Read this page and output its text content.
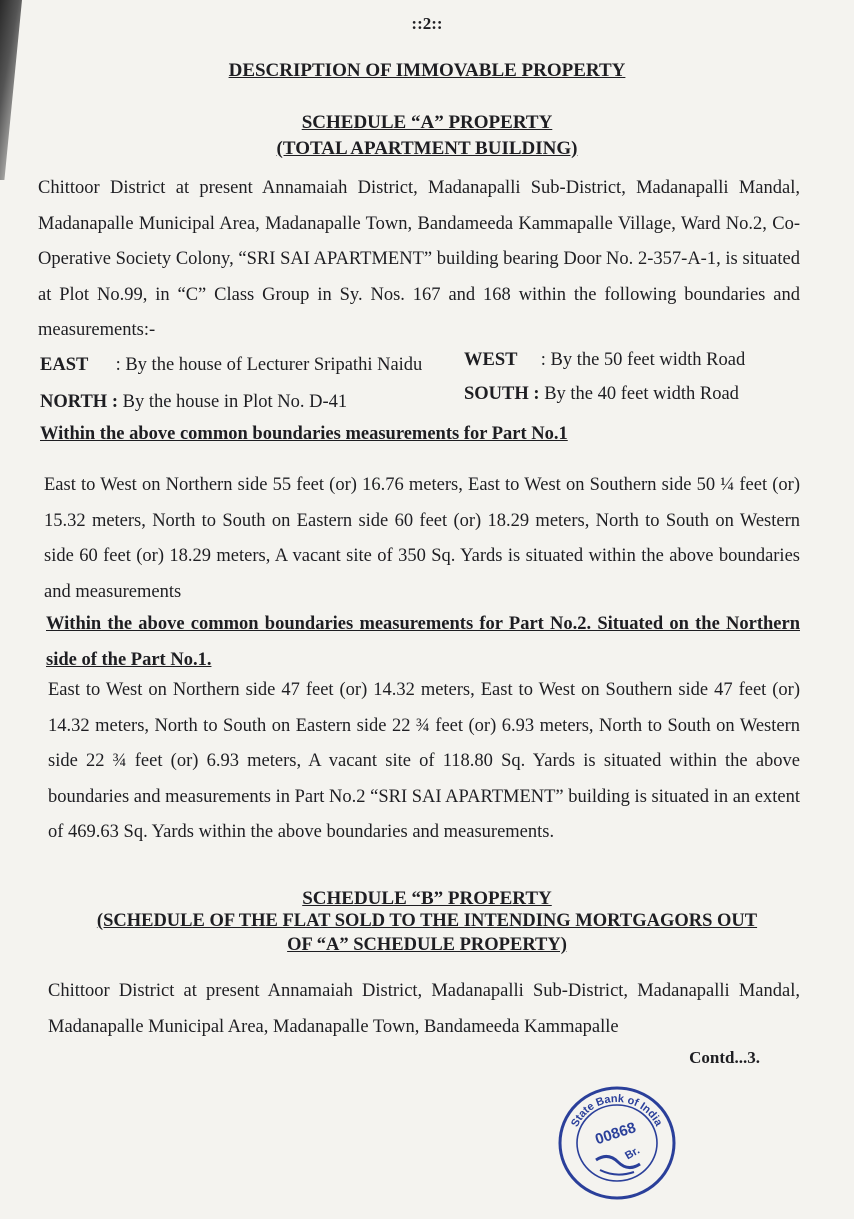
::2::
DESCRIPTION OF IMMOVABLE PROPERTY
SCHEDULE “A” PROPERTY
(TOTAL APARTMENT BUILDING)
Chittoor District at present Annamaiah District, Madanapalli Sub-District, Madanapalli Mandal, Madanapalle Municipal Area, Madanapalle Town, Bandameeda Kammapalle Village, Ward No.2, Co-Operative Society Colony, “SRI SAI APARTMENT” building bearing Door No. 2-357-A-1, is situated at Plot No.99, in “C” Class Group in Sy. Nos. 167 and 168 within the following boundaries and measurements:-
EAST : By the house of Lecturer Sripathi Naidu WEST : By the 50 feet width Road
NORTH : By the house in Plot No. D-41	SOUTH : By the 40 feet width Road
Within the above common boundaries measurements for Part No.1
East to West on Northern side 55 feet (or) 16.76 meters, East to West on Southern side 50 ¼ feet (or) 15.32 meters, North to South on Eastern side 60 feet (or) 18.29 meters, North to South on Western side 60 feet (or) 18.29 meters, A vacant site of 350 Sq. Yards is situated within the above boundaries and measurements
Within the above common boundaries measurements for Part No.2. Situated on the Northern side of the Part No.1.
East to West on Northern side 47 feet (or) 14.32 meters, East to West on Southern side 47 feet (or) 14.32 meters, North to South on Eastern side 22 ¾ feet (or) 6.93 meters, North to South on Western side 22 ¾ feet (or) 6.93 meters, A vacant site of 118.80 Sq. Yards is situated within the above boundaries and measurements in Part No.2 “SRI SAI APARTMENT” building is situated in an extent of 469.63 Sq. Yards within the above boundaries and measurements.
SCHEDULE “B” PROPERTY
(SCHEDULE OF THE FLAT SOLD TO THE INTENDING MORTGAGORS OUT
OF “A” SCHEDULE PROPERTY)
Chittoor District at present Annamaiah District, Madanapalli Sub-District, Madanapalli Mandal, Madanapalle Municipal Area, Madanapalle Town, Bandameeda Kammapalle
Contd...3.
State Bank of India
00868
Br.
